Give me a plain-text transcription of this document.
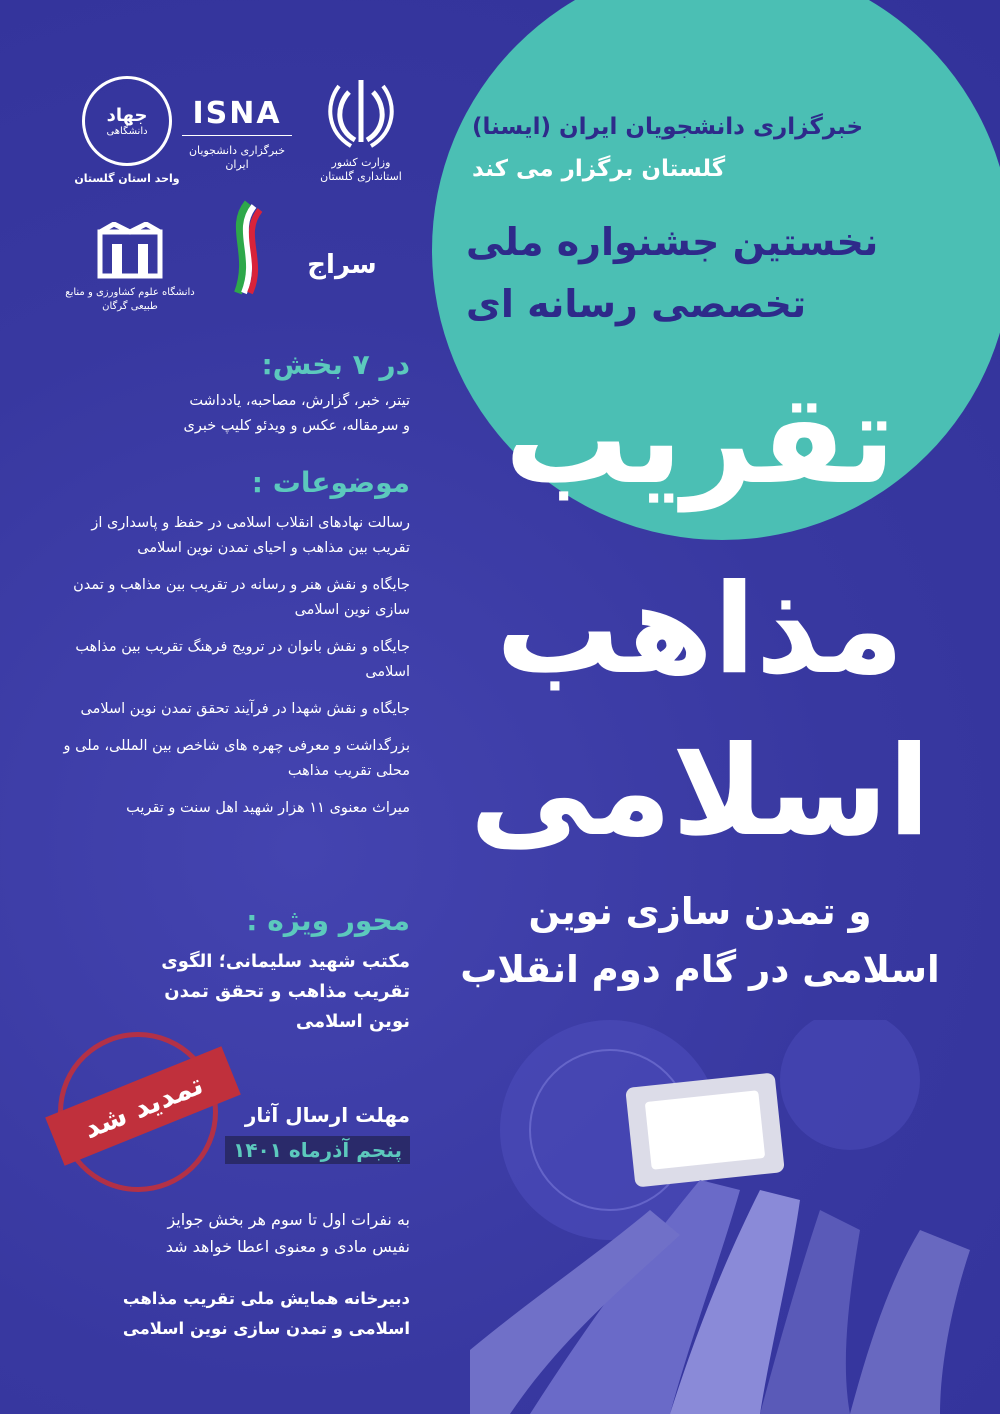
وزارت کشور
استانداری گلستان
ISNA
خبرگزاری دانشجویان ایران
جهاد
دانشگاهی
واحد استان گلستان
سراج
دانشگاه علوم کشاورزی و منابع طبیعی گرگان
خبرگزاری دانشجویان ایران (ایسنا)
گلستان برگزار می کند
نخستین جشنواره ملی
تخصصی رسانه ای
تقریب
مذاهب
اسلامی
و تمدن سازی نوین
اسلامی در گام دوم انقلاب
در ۷ بخش:
تیتر، خبر، گزارش، مصاحبه، یادداشت
و سرمقاله، عکس و ویدئو کلیپ خبری
موضوعات :
رسالت نهادهای انقلاب اسلامی در حفظ و پاسداری از تقریب بین مذاهب و احیای تمدن نوین اسلامی
جایگاه و نقش هنر و رسانه در تقریب بین مذاهب و تمدن سازی نوین اسلامی
جایگاه و نقش بانوان در ترویج فرهنگ تقریب بین مذاهب اسلامی
جایگاه و نقش شهدا در فرآیند تحقق تمدن نوین اسلامی
بزرگداشت و معرفی چهره های شاخص بین المللی، ملی و محلی تقریب مذاهب
میراث معنوی ۱۱ هزار شهید اهل سنت و تقریب
محور ویژه :
مکتب شهید سلیمانی؛ الگوی
تقریب مذاهب و تحقق تمدن
نوین اسلامی
مهلت ارسال آثار
پنجم آذرماه ۱۴۰۱
تمدید شد
به نفرات اول تا سوم هر بخش جوایز
نفیس مادی و معنوی اعطا خواهد شد
دبیرخانه همایش ملی تقریب مذاهب
اسلامی و تمدن سازی نوین اسلامی
